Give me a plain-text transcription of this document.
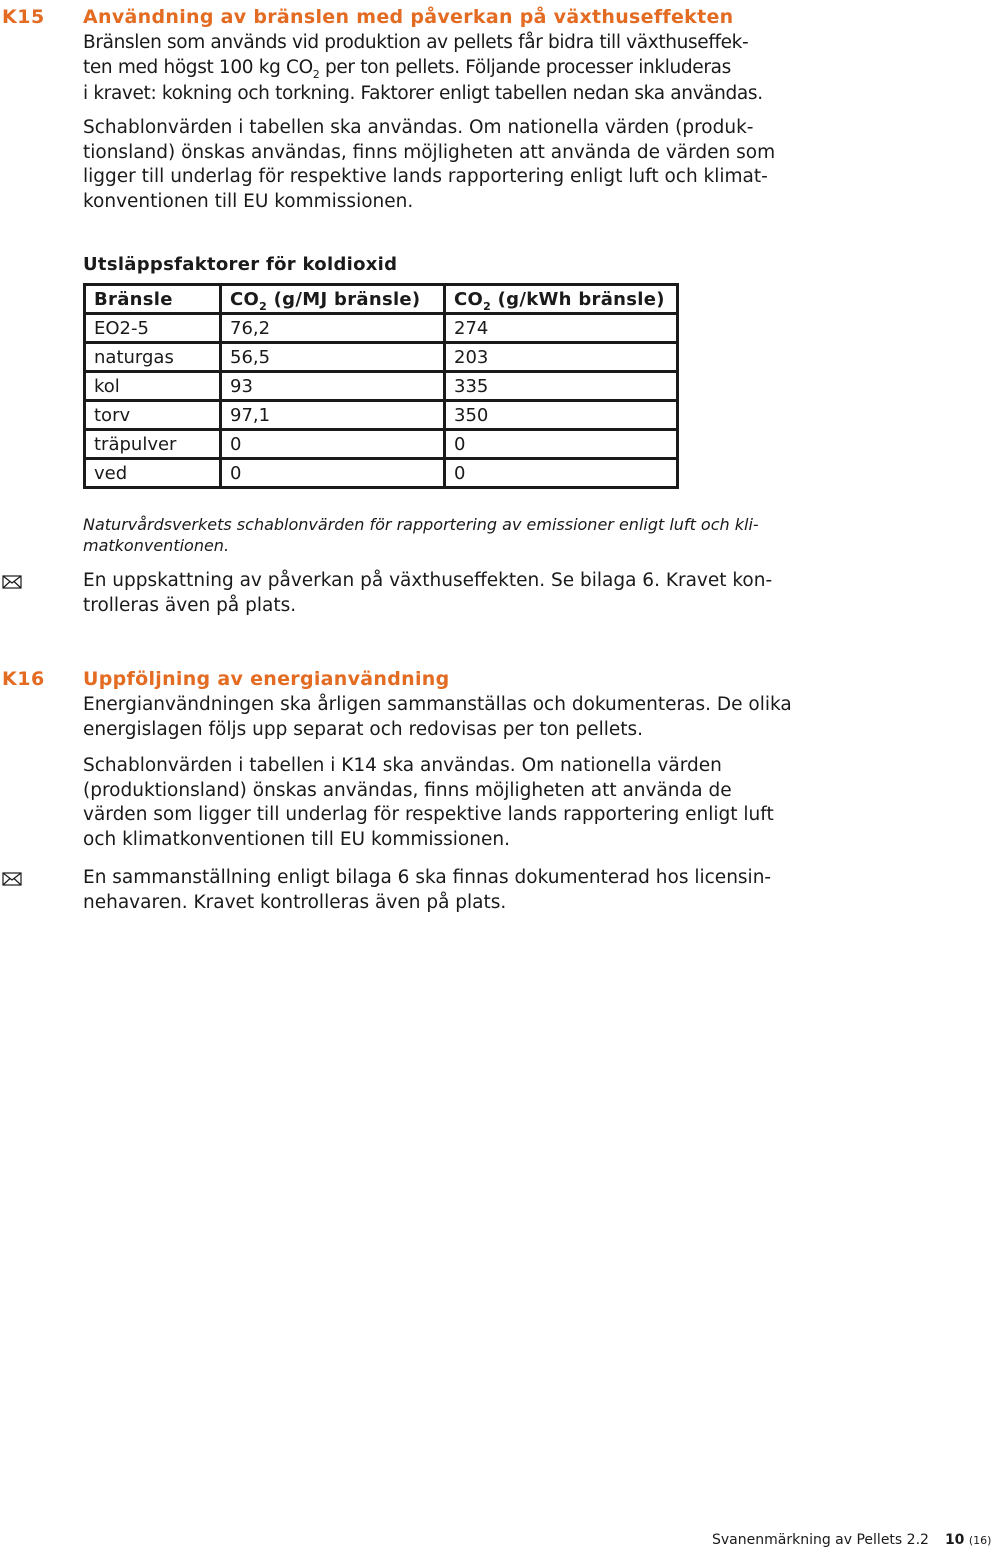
K15 Användning av bränslen med påverkan på växthuseffekten

Bränslen som används vid produktion av pellets får bidra till växthuseffek-
ten med högst 100 kg $CO_2$ per ton pellets. Följande processer inkluderas
i kravet: kokning och torkning. Faktorer enligt tabellen nedan ska användas.

Schablonvärden i tabellen ska användas. Om nationella värden (produk-
tionsland) önskas användas, finns möjligheten att använda de värden som
ligger till underlag för respektive lands rapportering enligt luft och klimat-
konventionen till EU kommissionen.

Utsläppsfaktorer för koldioxid
Bränsle	$CO_2$ (g/MJ bränsle)	$CO_2$ (g/kWh bränsle)
EO2-5	76,2	274
naturgas	56,5	203
kol	93	335
torv	97,1	350
träpulver	0	0
ved	0	0

Naturvårdsverkets schablonvärden för rapportering av emissioner enligt luft och kli-
matkonventionen.

En uppskattning av påverkan på växthuseffekten. Se bilaga 6. Kravet kon-
trolleras även på plats.

K16 Uppföljning av energianvändning

Energianvändningen ska årligen sammanställas och dokumenteras. De olika
energislagen följs upp separat och redovisas per ton pellets.

Schablonvärden i tabellen i K14 ska användas. Om nationella värden
(produktionsland) önskas användas, finns möjligheten att använda de
värden som ligger till underlag för respektive lands rapportering enligt luft
och klimatkonventionen till EU kommissionen.

En sammanställning enligt bilaga 6 ska finnas dokumenterad hos licensin-
nehavaren. Kravet kontrolleras även på plats.

Svanenmärkning av Pellets 2.2 10 (16)
